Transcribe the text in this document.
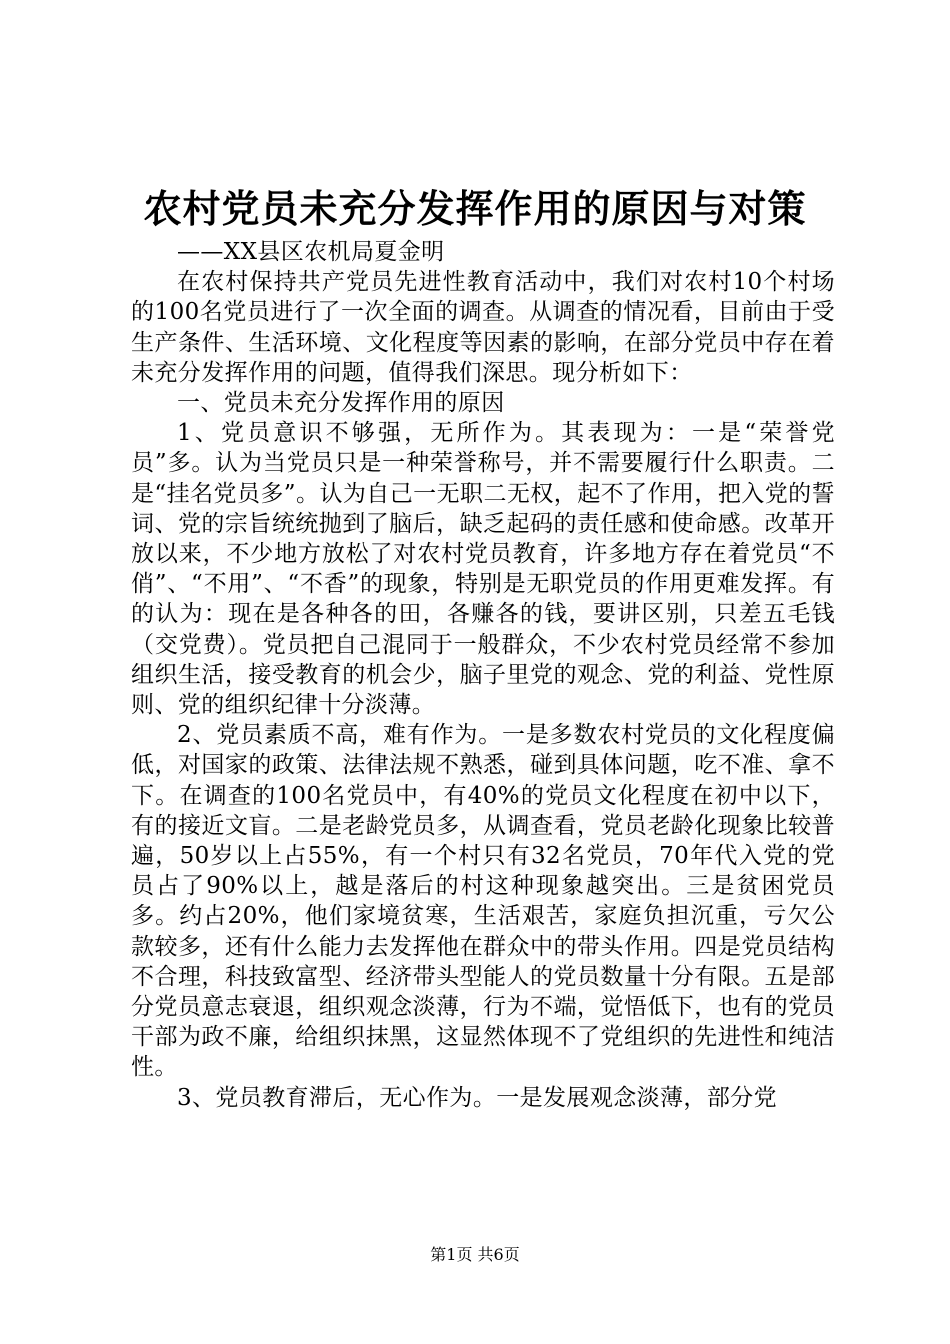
农村党员未充分发挥作用的原因与对策

——XX县区农机局夏金明

在农村保持共产党员先进性教育活动中，我们对农村10个村场的100名党员进行了一次全面的调查。从调查的情况看，目前由于受生产条件、生活环境、文化程度等因素的影响，在部分党员中存在着未充分发挥作用的问题，值得我们深思。现分析如下：

一、党员未充分发挥作用的原因

1、党员意识不够强，无所作为。其表现为：一是“荣誉党员”多。认为当党员只是一种荣誉称号，并不需要履行什么职责。二是“挂名党员多”。认为自己一无职二无权，起不了作用，把入党的誓词、党的宗旨统统抛到了脑后，缺乏起码的责任感和使命感。改革开放以来，不少地方放松了对农村党员教育，许多地方存在着党员“不俏”、“不用”、“不香”的现象，特别是无职党员的作用更难发挥。有的认为：现在是各种各的田，各赚各的钱，要讲区别，只差五毛钱（交党费）。党员把自己混同于一般群众，不少农村党员经常不参加组织生活，接受教育的机会少，脑子里党的观念、党的利益、党性原则、党的组织纪律十分淡薄。

2、党员素质不高，难有作为。一是多数农村党员的文化程度偏低，对国家的政策、法律法规不熟悉，碰到具体问题，吃不准、拿不下。在调查的100名党员中，有40%的党员文化程度在初中以下，有的接近文盲。二是老龄党员多，从调查看，党员老龄化现象比较普遍，50岁以上占55%，有一个村只有32名党员，70年代入党的党员占了90%以上，越是落后的村这种现象越突出。三是贫困党员多。约占20%，他们家境贫寒，生活艰苦，家庭负担沉重，亏欠公款较多，还有什么能力去发挥他在群众中的带头作用。四是党员结构不合理，科技致富型、经济带头型能人的党员数量十分有限。五是部分党员意志衰退，组织观念淡薄，行为不端，觉悟低下，也有的党员干部为政不廉，给组织抹黑，这显然体现不了党组织的先进性和纯洁性。

3、党员教育滞后，无心作为。一是发展观念淡薄，部分党

第1页 共6页
